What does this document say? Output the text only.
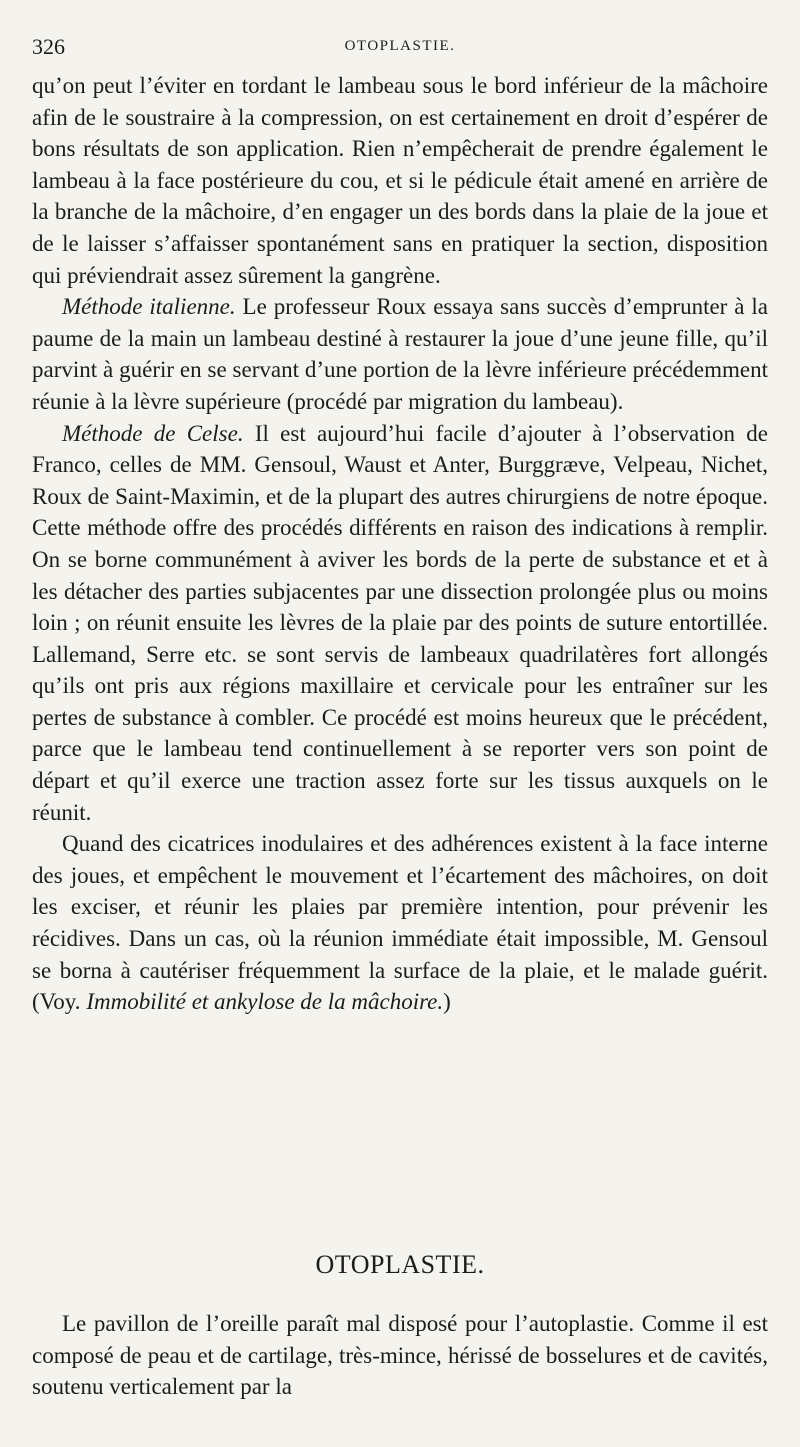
326	OTOPLASTIE.

qu’on peut l’éviter en tordant le lambeau sous le bord inférieur de la mâchoire afin de le soustraire à la compression, on est certainement en droit d’espérer de bons résultats de son application. Rien n’empêcherait de prendre également le lambeau à la face postérieure du cou, et si le pédicule était amené en arrière de la branche de la mâchoire, d’en engager un des bords dans la plaie de la joue et de le laisser s’affaisser spontanément sans en pratiquer la section, disposition qui préviendrait assez sûrement la gangrène.

Méthode italienne. Le professeur Roux essaya sans succès d’emprunter à la paume de la main un lambeau destiné à restaurer la joue d’une jeune fille, qu’il parvint à guérir en se servant d’une portion de la lèvre inférieure précédemment réunie à la lèvre supérieure (procédé par migration du lambeau).

Méthode de Celse. Il est aujourd’hui facile d’ajouter à l’observation de Franco, celles de MM. Gensoul, Waust et Anter, Burggræve, Velpeau, Nichet, Roux de Saint-Maximin, et de la plupart des autres chirurgiens de notre époque. Cette méthode offre des procédés différents en raison des indications à remplir. On se borne communément à aviver les bords de la perte de substance et et à les détacher des parties subjacentes par une dissection prolongée plus ou moins loin ; on réunit ensuite les lèvres de la plaie par des points de suture entortillée. Lallemand, Serre etc. se sont servis de lambeaux quadrilatères fort allongés qu’ils ont pris aux régions maxillaire et cervicale pour les entraîner sur les pertes de substance à combler. Ce procédé est moins heureux que le précédent, parce que le lambeau tend continuellement à se reporter vers son point de départ et qu’il exerce une traction assez forte sur les tissus auxquels on le réunit.

Quand des cicatrices inodulaires et des adhérences existent à la face interne des joues, et empêchent le mouvement et l’écartement des mâchoires, on doit les exciser, et réunir les plaies par première intention, pour prévenir les récidives. Dans un cas, où la réunion immédiate était impossible, M. Gensoul se borna à cautériser fréquemment la surface de la plaie, et le malade guérit. (Voy. Immobilité et ankylose de la mâchoire.)

OTOPLASTIE.

Le pavillon de l’oreille paraît mal disposé pour l’autoplastie. Comme il est composé de peau et de cartilage, très-mince, hérissé de bosselures et de cavités, soutenu verticalement par la
